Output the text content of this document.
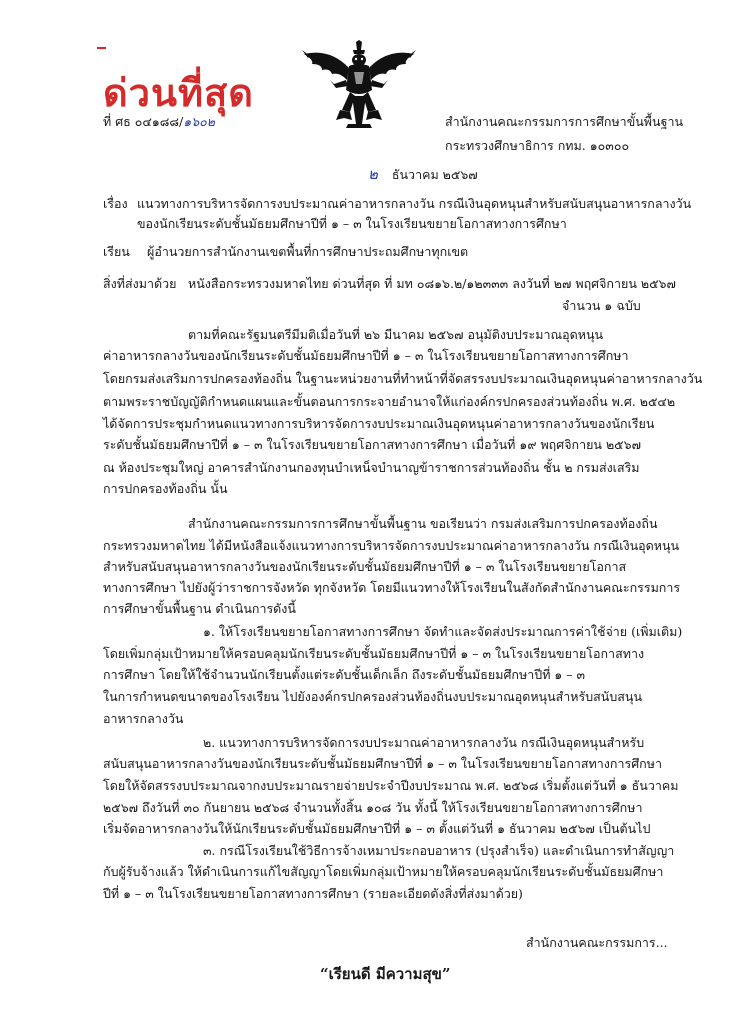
ด่วนที่สุด
ที่ ศธ ๐๔๑๘๘/๑๖๐๒	สำนักงานคณะกรรมการการศึกษาขั้นพื้นฐาน
กระทรวงศึกษาธิการ กทม. ๑๐๓๐๐
๒ ธันวาคม ๒๕๖๗
เรื่อง แนวทางการบริหารจัดการงบประมาณค่าอาหารกลางวัน กรณีเงินอุดหนุนสำหรับสนับสนุนอาหารกลางวัน
ของนักเรียนระดับชั้นมัธยมศึกษาปีที่ ๑ – ๓ ในโรงเรียนขยายโอกาสทางการศึกษา
เรียน ผู้อำนวยการสำนักงานเขตพื้นที่การศึกษาประถมศึกษาทุกเขต
สิ่งที่ส่งมาด้วย หนังสือกระทรวงมหาดไทย ด่วนที่สุด ที่ มท ๐๘๑๖.๒/๑๒๓๓๓ ลงวันที่ ๒๗ พฤศจิกายน ๒๕๖๗
จำนวน ๑ ฉบับ
ตามที่คณะรัฐมนตรีมีมติเมื่อวันที่ ๒๖ มีนาคม ๒๕๖๗ อนุมัติงบประมาณอุดหนุน
ค่าอาหารกลางวันของนักเรียนระดับชั้นมัธยมศึกษาปีที่ ๑ – ๓ ในโรงเรียนขยายโอกาสทางการศึกษา
โดยกรมส่งเสริมการปกครองท้องถิ่น ในฐานะหน่วยงานที่ทำหน้าที่จัดสรรงบประมาณเงินอุดหนุนค่าอาหารกลางวัน
ตามพระราชบัญญัติกำหนดแผนและขั้นตอนการกระจายอำนาจให้แก่องค์กรปกครองส่วนท้องถิ่น พ.ศ. ๒๕๔๒
ได้จัดการประชุมกำหนดแนวทางการบริหารจัดการงบประมาณเงินอุดหนุนค่าอาหารกลางวันของนักเรียน
ระดับชั้นมัธยมศึกษาปีที่ ๑ – ๓ ในโรงเรียนขยายโอกาสทางการศึกษา เมื่อวันที่ ๑๙ พฤศจิกายน ๒๕๖๗
ณ ห้องประชุมใหญ่ อาคารสำนักงานกองทุนบำเหน็จบำนาญข้าราชการส่วนท้องถิ่น ชั้น ๒ กรมส่งเสริม
การปกครองท้องถิ่น นั้น
สำนักงานคณะกรรมการการศึกษาขั้นพื้นฐาน ขอเรียนว่า กรมส่งเสริมการปกครองท้องถิ่น
กระทรวงมหาดไทย ได้มีหนังสือแจ้งแนวทางการบริหารจัดการงบประมาณค่าอาหารกลางวัน กรณีเงินอุดหนุน
สำหรับสนับสนุนอาหารกลางวันของนักเรียนระดับชั้นมัธยมศึกษาปีที่ ๑ – ๓ ในโรงเรียนขยายโอกาส
ทางการศึกษา ไปยังผู้ว่าราชการจังหวัด ทุกจังหวัด โดยมีแนวทางให้โรงเรียนในสังกัดสำนักงานคณะกรรมการ
การศึกษาขั้นพื้นฐาน ดำเนินการดังนี้
๑. ให้โรงเรียนขยายโอกาสทางการศึกษา จัดทำและจัดส่งประมาณการค่าใช้จ่าย (เพิ่มเติม)
โดยเพิ่มกลุ่มเป้าหมายให้ครอบคลุมนักเรียนระดับชั้นมัธยมศึกษาปีที่ ๑ – ๓ ในโรงเรียนขยายโอกาสทาง
การศึกษา โดยให้ใช้จำนวนนักเรียนตั้งแต่ระดับชั้นเด็กเล็ก ถึงระดับชั้นมัธยมศึกษาปีที่ ๑ – ๓
ในการกำหนดขนาดของโรงเรียน ไปยังองค์กรปกครองส่วนท้องถิ่นงบประมาณอุดหนุนสำหรับสนับสนุน
อาหารกลางวัน
๒. แนวทางการบริหารจัดการงบประมาณค่าอาหารกลางวัน กรณีเงินอุดหนุนสำหรับ
สนับสนุนอาหารกลางวันของนักเรียนระดับชั้นมัธยมศึกษาปีที่ ๑ – ๓ ในโรงเรียนขยายโอกาสทางการศึกษา
โดยให้จัดสรรงบประมาณจากงบประมาณรายจ่ายประจำปีงบประมาณ พ.ศ. ๒๕๖๘ เริ่มตั้งแต่วันที่ ๑ ธันวาคม
๒๕๖๗ ถึงวันที่ ๓๐ กันยายน ๒๕๖๘ จำนวนทั้งสิ้น ๑๐๘ วัน ทั้งนี้ ให้โรงเรียนขยายโอกาสทางการศึกษา
เริ่มจัดอาหารกลางวันให้นักเรียนระดับชั้นมัธยมศึกษาปีที่ ๑ – ๓ ตั้งแต่วันที่ ๑ ธันวาคม ๒๕๖๗ เป็นต้นไป
๓. กรณีโรงเรียนใช้วิธีการจ้างเหมาประกอบอาหาร (ปรุงสำเร็จ) และดำเนินการทำสัญญา
กับผู้รับจ้างแล้ว ให้ดำเนินการแก้ไขสัญญาโดยเพิ่มกลุ่มเป้าหมายให้ครอบคลุมนักเรียนระดับชั้นมัธยมศึกษา
ปีที่ ๑ – ๓ ในโรงเรียนขยายโอกาสทางการศึกษา (รายละเอียดดังสิ่งที่ส่งมาด้วย)
สำนักงานคณะกรรมการ...
“เรียนดี มีความสุข”
